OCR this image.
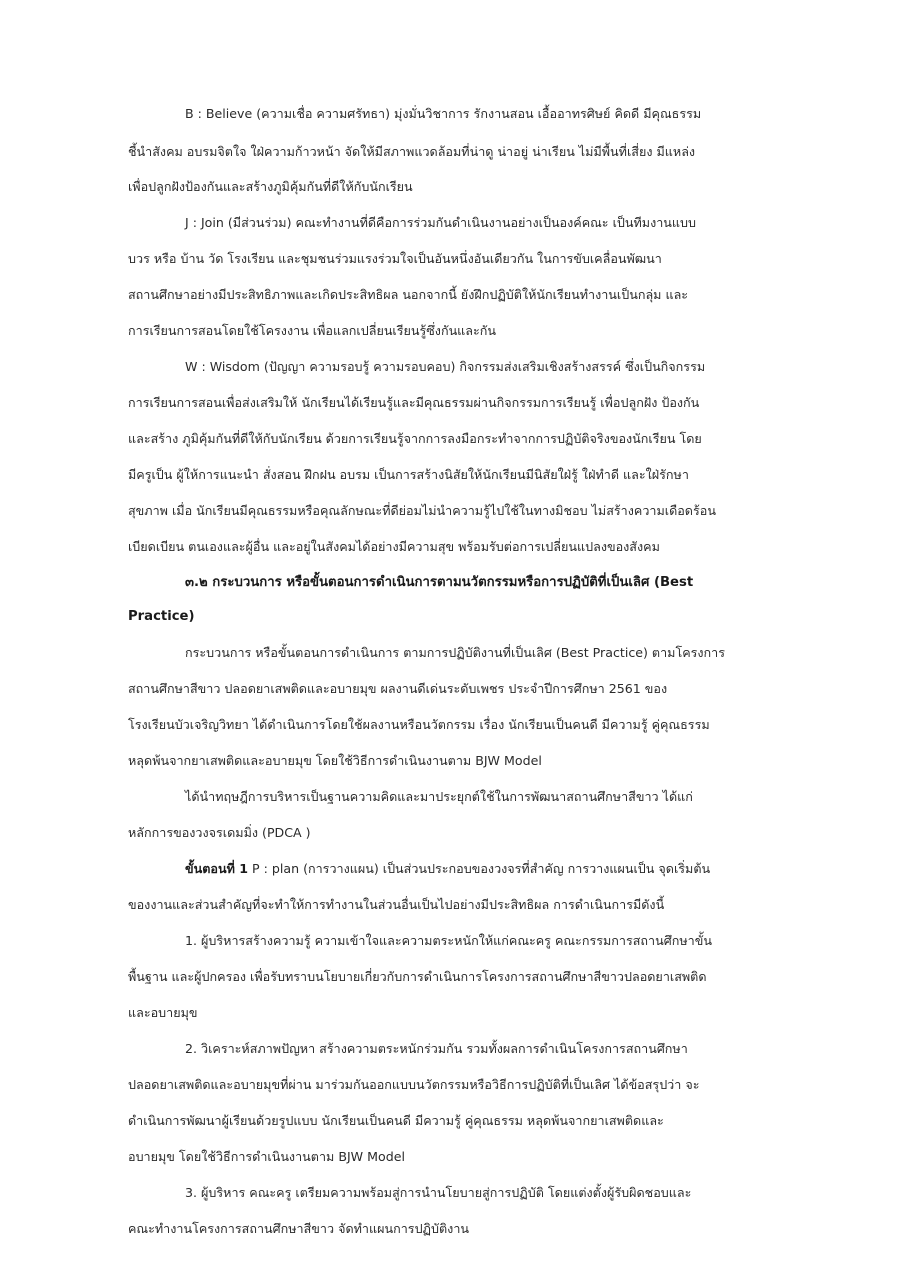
B : Believe (ความเชื่อ ความศรัทธา) มุ่งมั่นวิชาการ รักงานสอน เอื้ออาทรศิษย์ คิดดี มีคุณธรรม
ชี้นำสังคม อบรมจิตใจ ใฝ่ความก้าวหน้า จัดให้มีสภาพแวดล้อมที่น่าดู น่าอยู่ น่าเรียน ไม่มีพื้นที่เสี่ยง มีแหล่ง
เพื่อปลูกฝังป้องกันและสร้างภูมิคุ้มกันที่ดีให้กับนักเรียน
J : Join (มีส่วนร่วม) คณะทำงานที่ดีคือการร่วมกันดำเนินงานอย่างเป็นองค์คณะ เป็นทีมงานแบบ
บวร หรือ บ้าน วัด โรงเรียน และชุมชนร่วมแรงร่วมใจเป็นอันหนึ่งอันเดียวกัน ในการขับเคลื่อนพัฒนา
สถานศึกษาอย่างมีประสิทธิภาพและเกิดประสิทธิผล นอกจากนี้ ยังฝึกปฏิบัติให้นักเรียนทำงานเป็นกลุ่ม และ
การเรียนการสอนโดยใช้โครงงาน เพื่อแลกเปลี่ยนเรียนรู้ซึ่งกันและกัน
W : Wisdom (ปัญญา ความรอบรู้ ความรอบคอบ) กิจกรรมส่งเสริมเชิงสร้างสรรค์ ซึ่งเป็นกิจกรรม
การเรียนการสอนเพื่อส่งเสริมให้ นักเรียนได้เรียนรู้และมีคุณธรรมผ่านกิจกรรมการเรียนรู้ เพื่อปลูกฝัง ป้องกัน
และสร้าง ภูมิคุ้มกันที่ดีให้กับนักเรียน ด้วยการเรียนรู้จากการลงมือกระทำจากการปฏิบัติจริงของนักเรียน โดย
มีครูเป็น ผู้ให้การแนะนำ สั่งสอน ฝึกฝน อบรม เป็นการสร้างนิสัยให้นักเรียนมีนิสัยใฝ่รู้ ใฝ่ทำดี และใฝ่รักษา
สุขภาพ เมื่อ นักเรียนมีคุณธรรมหรือคุณลักษณะที่ดีย่อมไม่นำความรู้ไปใช้ในทางมิชอบ ไม่สร้างความเดือดร้อน
เบียดเบียน ตนเองและผู้อื่น และอยู่ในสังคมได้อย่างมีความสุข พร้อมรับต่อการเปลี่ยนแปลงของสังคม
๓.๒ กระบวนการ หรือขั้นตอนการดำเนินการตามนวัตกรรมหรือการปฏิบัติที่เป็นเลิศ (Best
Practice)
กระบวนการ หรือขั้นตอนการดำเนินการ ตามการปฏิบัติงานที่เป็นเลิศ (Best Practice) ตามโครงการ
สถานศึกษาสีขาว ปลอดยาเสพติดและอบายมุข ผลงานดีเด่นระดับเพชร ประจำปีการศึกษา 2561 ของ
โรงเรียนบัวเจริญวิทยา ได้ดำเนินการโดยใช้ผลงานหรือนวัตกรรม เรื่อง นักเรียนเป็นคนดี มีความรู้ คู่คุณธรรม
หลุดพ้นจากยาเสพติดและอบายมุข โดยใช้วิธีการดำเนินงานตาม BJW Model
ได้นำทฤษฎีการบริหารเป็นฐานความคิดและมาประยุกต์ใช้ในการพัฒนาสถานศึกษาสีขาว ได้แก่
หลักการของวงจรเดมมิ่ง (PDCA )
ขั้นตอนที่ 1 P : plan (การวางแผน) เป็นส่วนประกอบของวงจรที่สำคัญ การวางแผนเป็น จุดเริ่มต้น
ของงานและส่วนสำคัญที่จะทำให้การทำงานในส่วนอื่นเป็นไปอย่างมีประสิทธิผล การดำเนินการมีดังนี้
1. ผู้บริหารสร้างความรู้ ความเข้าใจและความตระหนักให้แก่คณะครู คณะกรรมการสถานศึกษาขั้น
พื้นฐาน และผู้ปกครอง เพื่อรับทราบนโยบายเกี่ยวกับการดำเนินการโครงการสถานศึกษาสีขาวปลอดยาเสพติด
และอบายมุข
2. วิเคราะห์สภาพปัญหา สร้างความตระหนักร่วมกัน รวมทั้งผลการดำเนินโครงการสถานศึกษา
ปลอดยาเสพติดและอบายมุขที่ผ่าน มาร่วมกันออกแบบนวัตกรรมหรือวิธีการปฏิบัติที่เป็นเลิศ ได้ข้อสรุปว่า จะ
ดำเนินการพัฒนาผู้เรียนด้วยรูปแบบ นักเรียนเป็นคนดี มีความรู้ คู่คุณธรรม หลุดพ้นจากยาเสพติดและ
อบายมุข โดยใช้วิธีการดำเนินงานตาม BJW Model
3. ผู้บริหาร คณะครู เตรียมความพร้อมสู่การนำนโยบายสู่การปฏิบัติ โดยแต่งตั้งผู้รับผิดชอบและ
คณะทำงานโครงการสถานศึกษาสีขาว จัดทำแผนการปฏิบัติงาน
